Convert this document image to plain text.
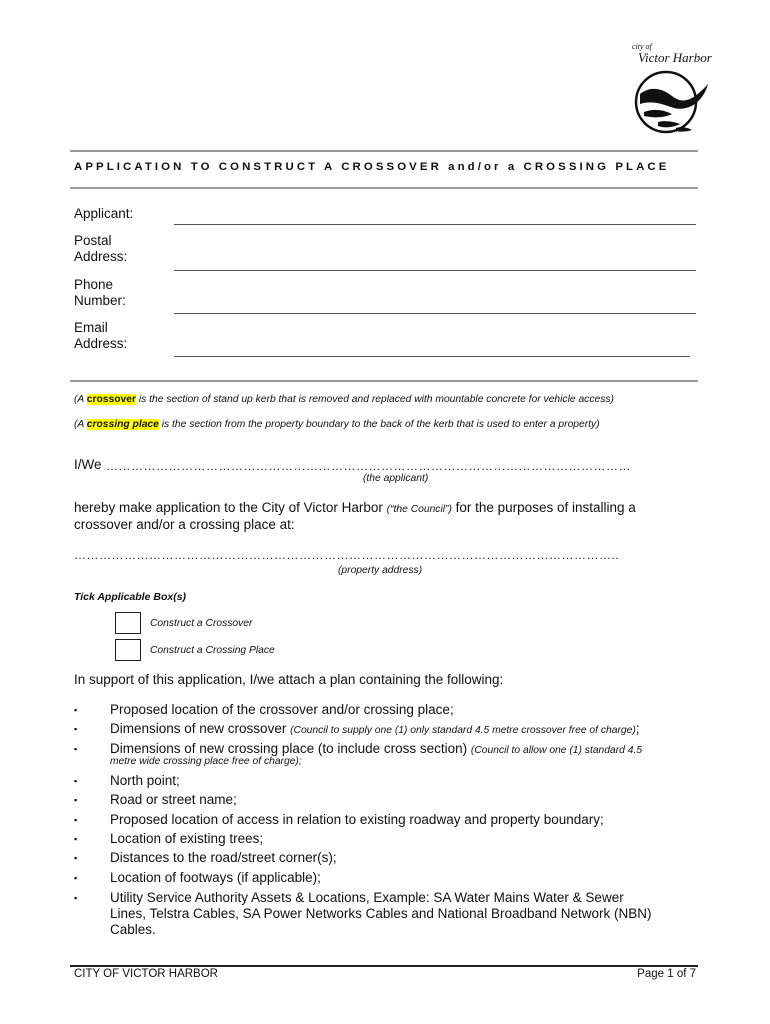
city of
Victor Harbor
APPLICATION TO CONSTRUCT A CROSSOVER and/or a CROSSING PLACE
Applicant:
Postal
Address:
Phone
Number:
Email
Address:
(A crossover is the section of stand up kerb that is removed and replaced with mountable concrete for vehicle access)
(A crossing place is the section from the property boundary to the back of the kerb that is used to enter a property)
I/We ………………………………………………………………………………………………………………
(the applicant)
hereby make application to the City of Victor Harbor (“the Council”) for the purposes of installing a
crossover and/or a crossing place at:
…………………………………………………………………………………………………………………..
(property address)
Tick Applicable Box(s)
Construct a Crossover
Construct a Crossing Place
In support of this application, I/we attach a plan containing the following:
▪ Proposed location of the crossover and/or crossing place;
▪ Dimensions of new crossover (Council to supply one (1) only standard 4.5 metre crossover free of charge);
▪ Dimensions of new crossing place (to include cross section) (Council to allow one (1) standard 4.5
metre wide crossing place free of charge);
▪ North point;
▪ Road or street name;
▪ Proposed location of access in relation to existing roadway and property boundary;
▪ Location of existing trees;
▪ Distances to the road/street corner(s);
▪ Location of footways (if applicable);
▪ Utility Service Authority Assets & Locations, Example: SA Water Mains Water & Sewer
Lines, Telstra Cables, SA Power Networks Cables and National Broadband Network (NBN)
Cables.
CITY OF VICTOR HARBOR	Page 1 of 7
